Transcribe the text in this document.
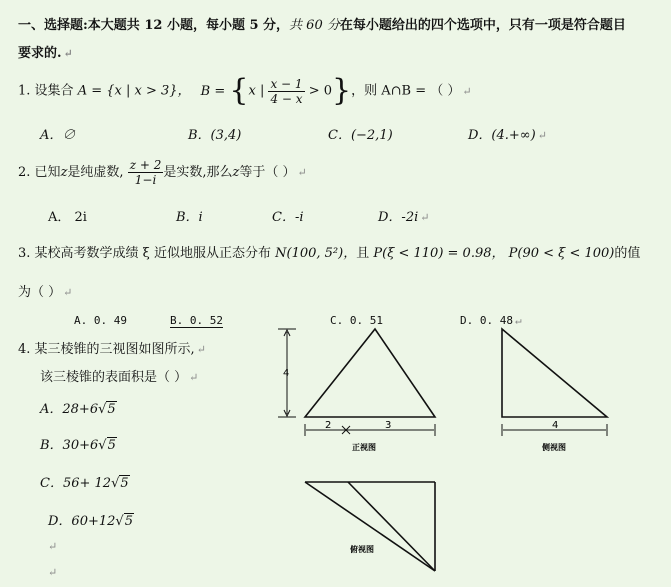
一、选择题:本大题共 12 小题，每小题 5 分，共 60 分在每小题给出的四个选项中，只有一项是符合题目
要求的. ↵
1. 设集合 A = {x | x > 3}， B = {x | $\frac{x - 1}{4 - x} > 0$}，则 A∩B = （ ） ↵
A．∅	B．(3,4)	C．(−2,1)	D．(4.+∞) ↵
2. 已知z是纯虚数, $\frac{z + 2}{1-i}$ 是实数,那么z等于（ ） ↵
A． 2i	B．i	C．-i	D．-2i ↵
3. 某校高考数学成绩 ξ 近似地服从正态分布 N(100, 5²)，且 P(ξ < 110) = 0.98， P(90 < ξ < 100)的值
为（ ） ↵
A. 0. 49	B. 0. 52	C. 0. 51	D. 0. 48 ↵
4. 某三棱锥的三视图如图所示, ↵
该三棱锥的表面积是（ ） ↵
A．28+6√5
B．30+6√5
C．56+ 12√5
D．60+12√5
↵
↵
4
2	3
正视图
4
侧视图
俯视图
